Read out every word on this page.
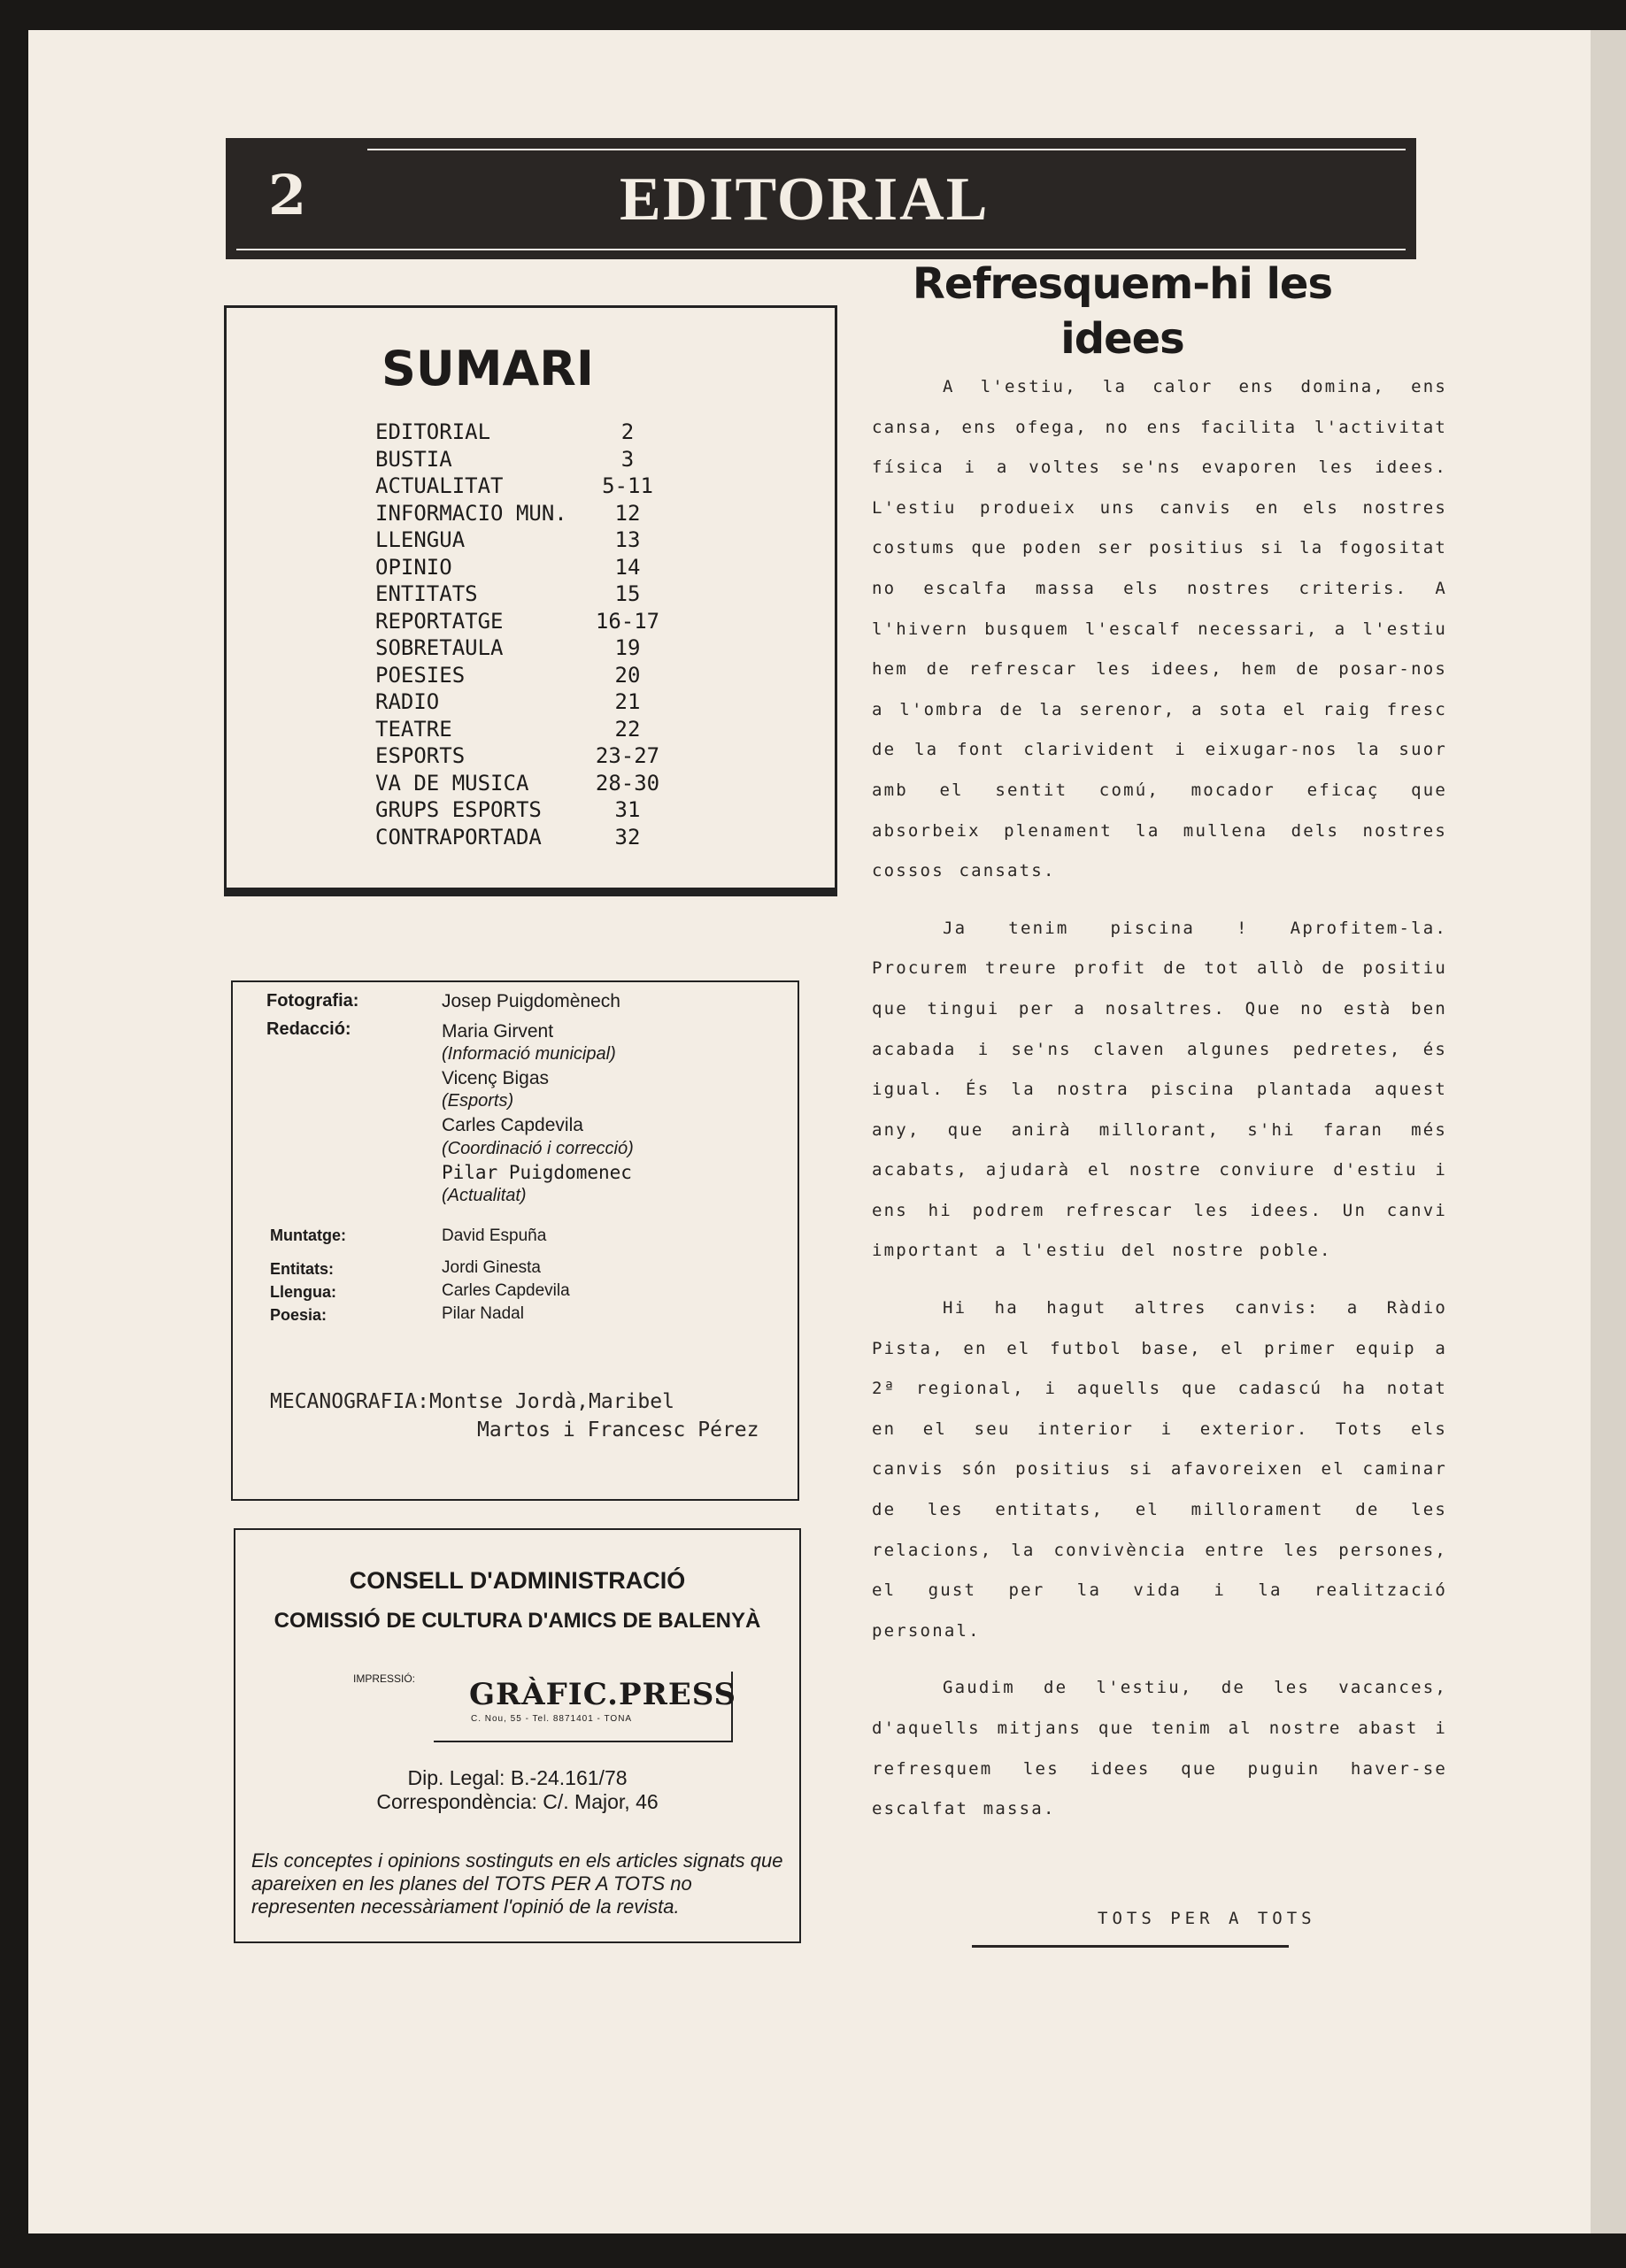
2	EDITORIAL
SUMARI
EDITORIAL	2
BUSTIA	3
ACTUALITAT	5-11
INFORMACIO MUN.	12
LLENGUA	13
OPINIO	14
ENTITATS	15
REPORTATGE	16-17
SOBRETAULA	19
POESIES	20
RADIO	21
TEATRE	22
ESPORTS	23-27
VA DE MUSICA	28-30
GRUPS ESPORTS	31
CONTRAPORTADA	32
Fotografia:	Josep Puigdomènech
Redacció:	Maria Girvent
(Informació municipal)
Vicenç Bigas
(Esports)
Carles Capdevila
(Coordinació i correcció)
Pilar Puigdomenec
(Actualitat)
Muntatge:	David Espuña
Entitats:	Jordi Ginesta
Llengua:	Carles Capdevila
Poesia:	Pilar Nadal
MECANOGRAFIA:Montse Jordà,Maribel
Martos i Francesc Pérez
CONSELL D'ADMINISTRACIÓ
COMISSIÓ DE CULTURA D'AMICS DE BALENYÀ
IMPRESSIÓ: GRÀFIC.PRESS
C. Nou, 55 - Tel. 8871401 - TONA
Dip. Legal: B.-24.161/78
Correspondència: C/. Major, 46
Els conceptes i opinions sostinguts en els articles signats que apareixen en les planes del TOTS PER A TOTS no representen necessàriament l'opinió de la revista.
Refresquem-hi les idees

A l'estiu, la calor ens domina, ens cansa, ens ofega, no ens facilita l'activitat física i a voltes se'ns evaporen les idees. L'estiu produeix uns canvis en els nostres costums que poden ser positius si la fogositat no escalfa massa els nostres criteris. A l'hivern busquem l'escalf necessari, a l'estiu hem de refrescar les idees, hem de posar-nos a l'ombra de la serenor, a sota el raig fresc de la font clarivident i eixugar-nos la suor amb el sentit comú, mocador eficaç que absorbeix plenament la mullena dels nostres cossos cansats.

Ja tenim piscina ! Aprofitem-la. Procurem treure profit de tot allò de positiu que tingui per a nosaltres. Que no està ben acabada i se'ns claven algunes pedretes, és igual. És la nostra piscina plantada aquest any, que anirà millorant, s'hi faran més acabats, ajudarà el nostre conviure d'estiu i ens hi podrem refrescar les idees. Un canvi important a l'estiu del nostre poble.

Hi ha hagut altres canvis: a Ràdio Pista, en el futbol base, el primer equip a 2ª regional, i aquells que cadascú ha notat en el seu interior i exterior. Tots els canvis són positius si afavoreixen el caminar de les entitats, el millorament de les relacions, la convivència entre les persones, el gust per la vida i la realització personal.

Gaudim de l'estiu, de les vacances, d'aquells mitjans que tenim al nostre abast i refresquem les idees que puguin haver-se escalfat massa.

TOTS PER A TOTS
